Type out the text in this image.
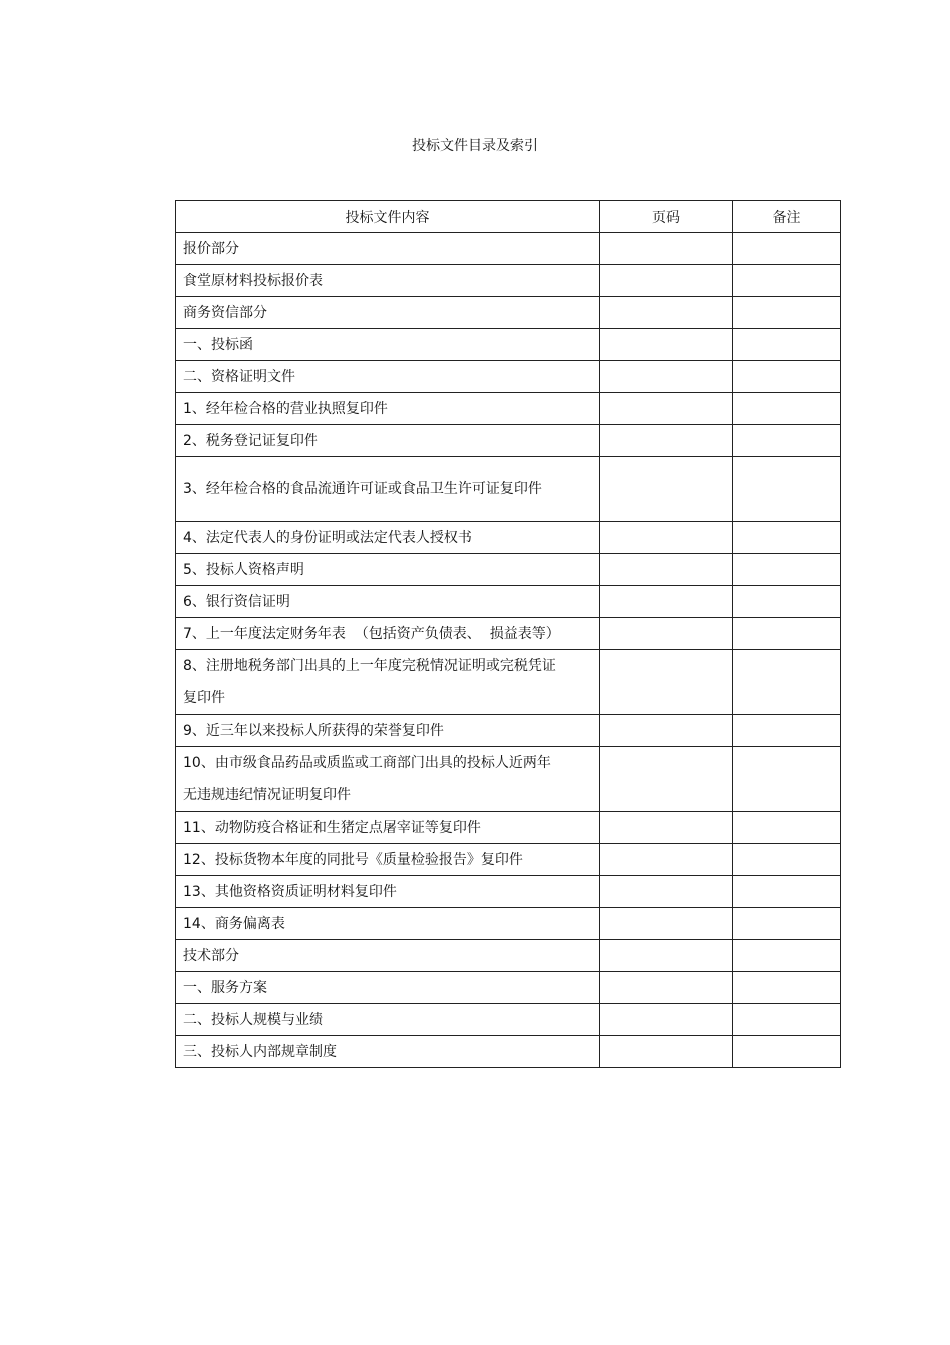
投标文件目录及索引
投标文件内容	页码	备注
报价部分		
食堂原材料投标报价表		
商务资信部分		
一、投标函		
二、资格证明文件		
1、经年检合格的营业执照复印件		
2、税务登记证复印件		
3、经年检合格的食品流通许可证或食品卫生许可证复印件		
4、法定代表人的身份证明或法定代表人授权书		
5、投标人资格声明		
6、银行资信证明		
7、上一年度法定财务年表  （包括资产负债表、  损益表等）		
8、注册地税务部门出具的上一年度完税情况证明或完税凭证复印件		
9、近三年以来投标人所获得的荣誉复印件		
10、由市级食品药品或质监或工商部门出具的投标人近两年无违规违纪情况证明复印件		
11、动物防疫合格证和生猪定点屠宰证等复印件		
12、投标货物本年度的同批号《质量检验报告》复印件		
13、其他资格资质证明材料复印件		
14、商务偏离表		
技术部分		
一、服务方案		
二、投标人规模与业绩		
三、投标人内部规章制度		
